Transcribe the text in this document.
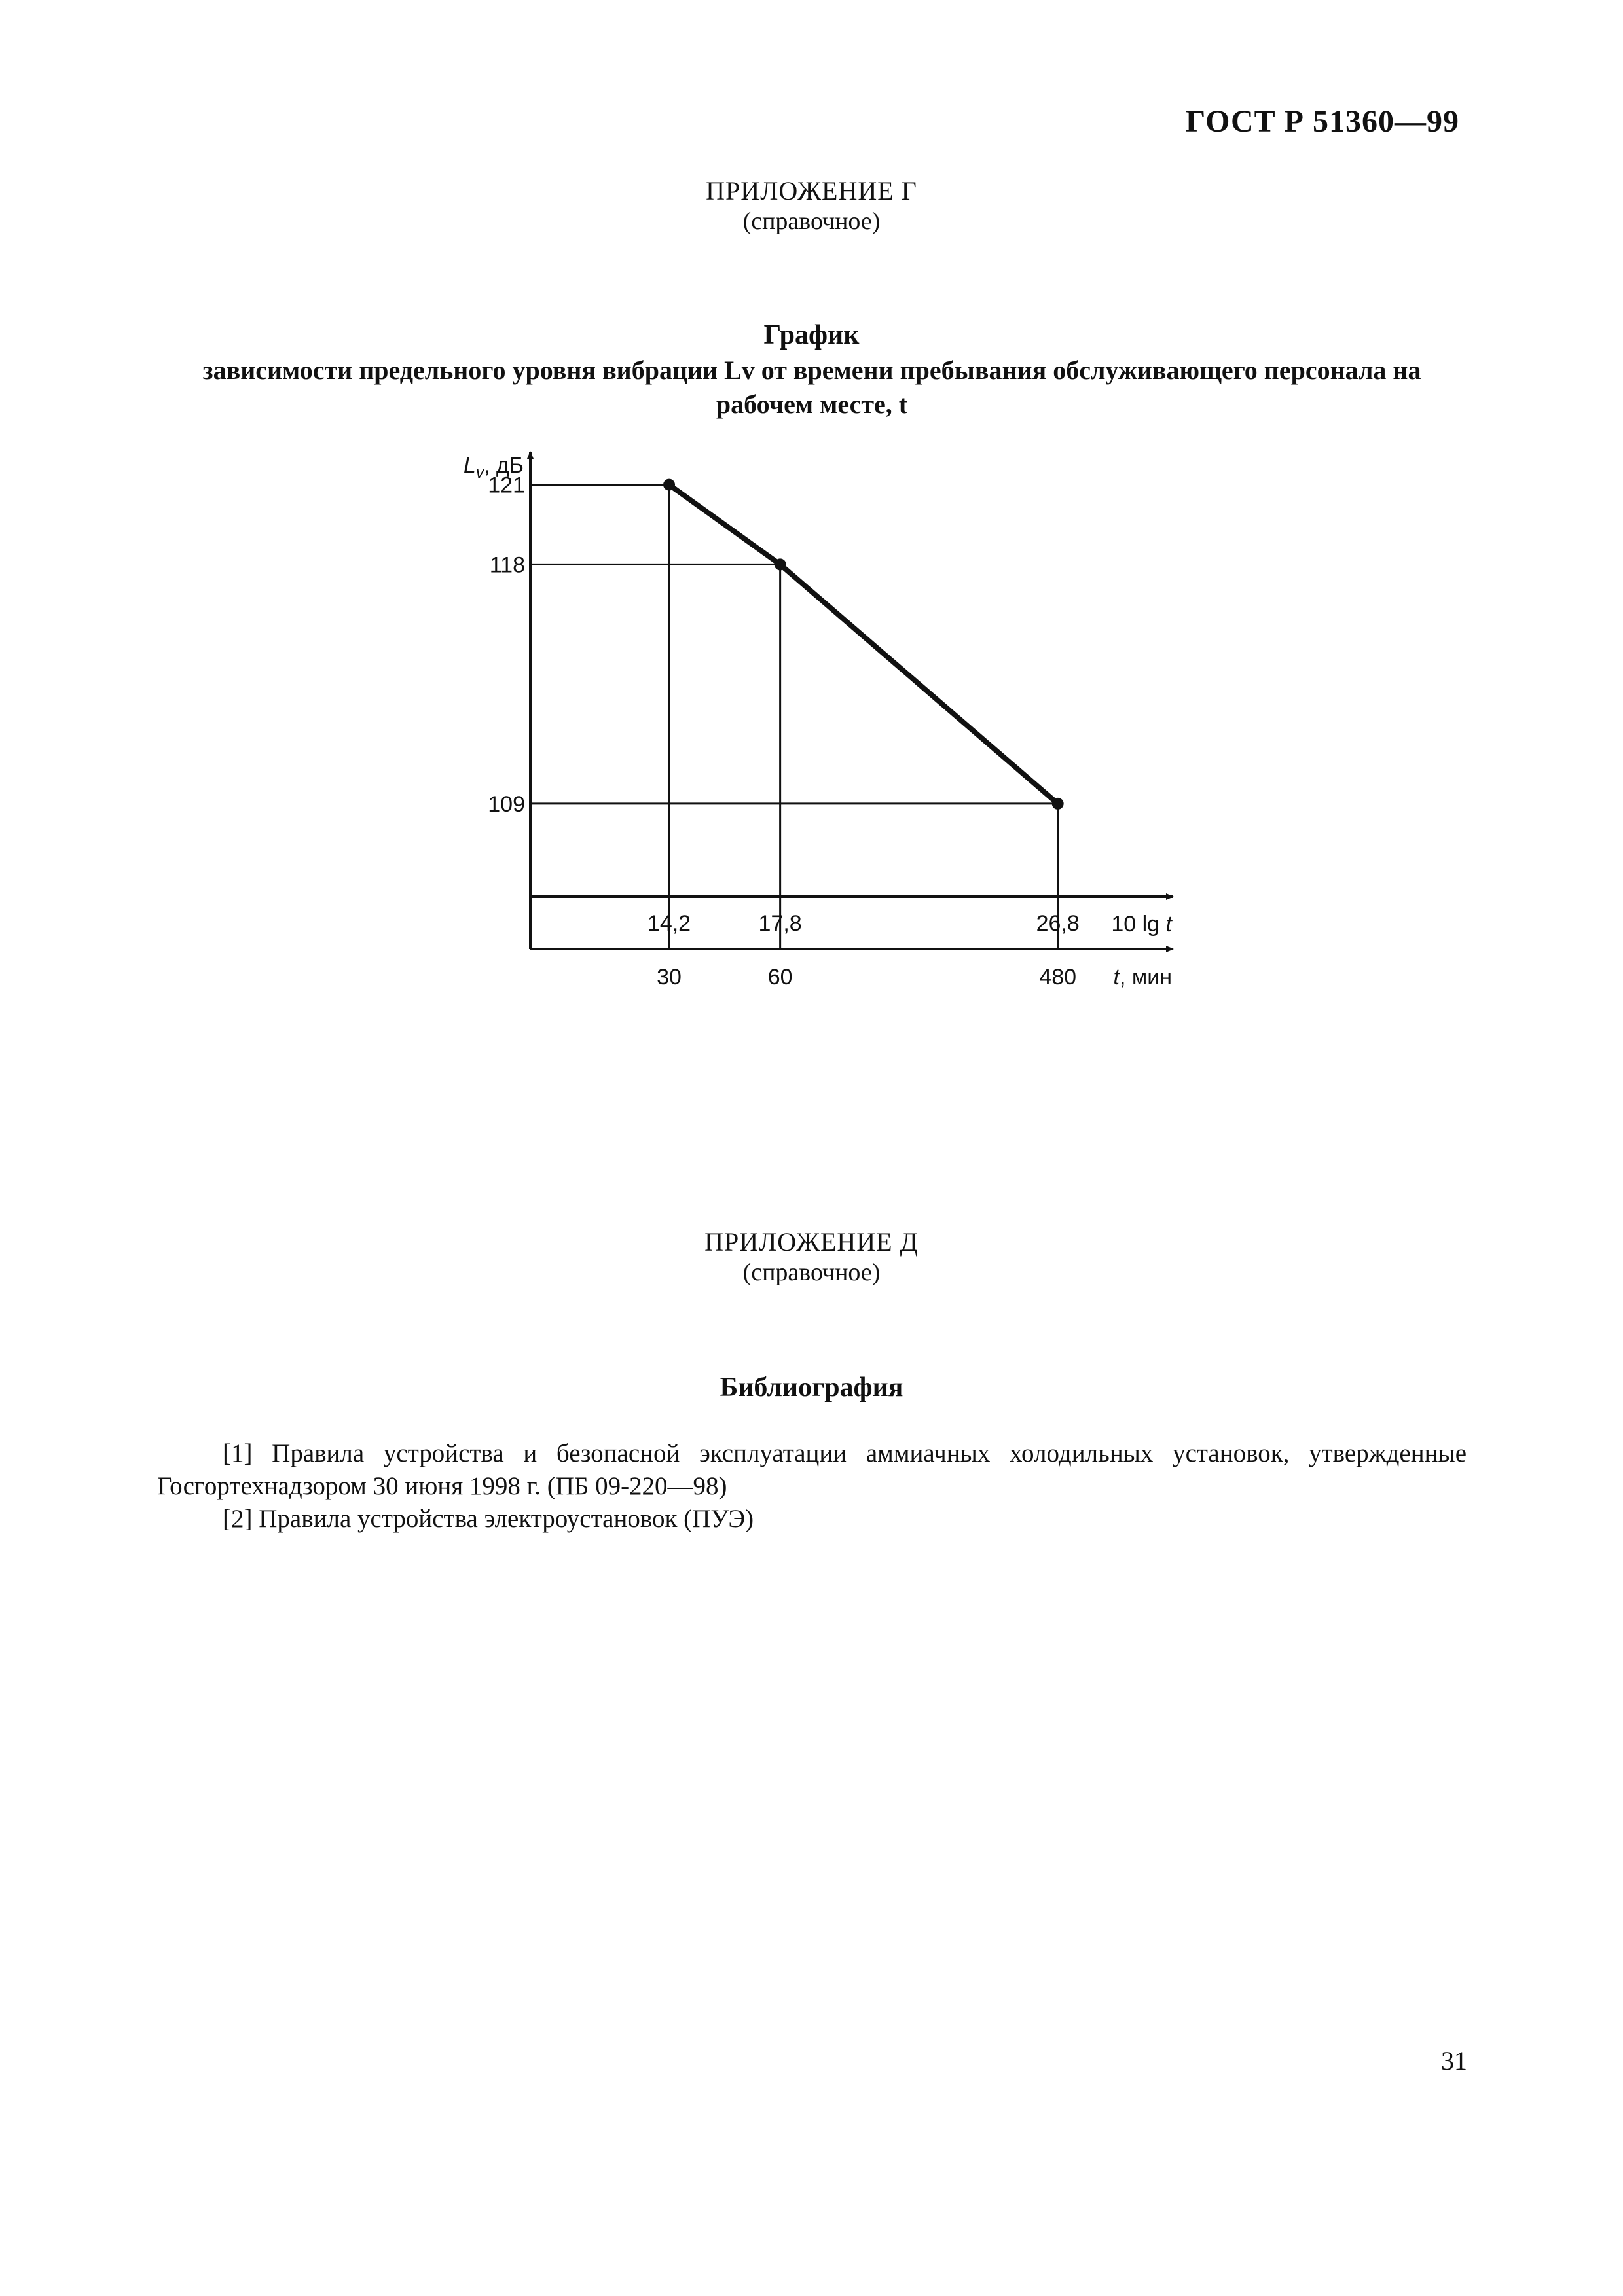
ГОСТ Р 51360—99
ПРИЛОЖЕНИЕ Г
(справочное)
График
зависимости предельного уровня вибрации Lv от времени пребывания обслуживающего персонала на рабочем месте, t
$L_v$, дБ
10 lg t
t, мин
121
118
109
14,2	17,8	26,8
30	60	480
ПРИЛОЖЕНИЕ Д
(справочное)
Библиография
[1] Правила устройства и безопасной эксплуатации аммиачных холодильных установок, утвержденные Госгортехнадзором 30 июня 1998 г. (ПБ 09-220—98)
[2] Правила устройства электроустановок (ПУЭ)
31
